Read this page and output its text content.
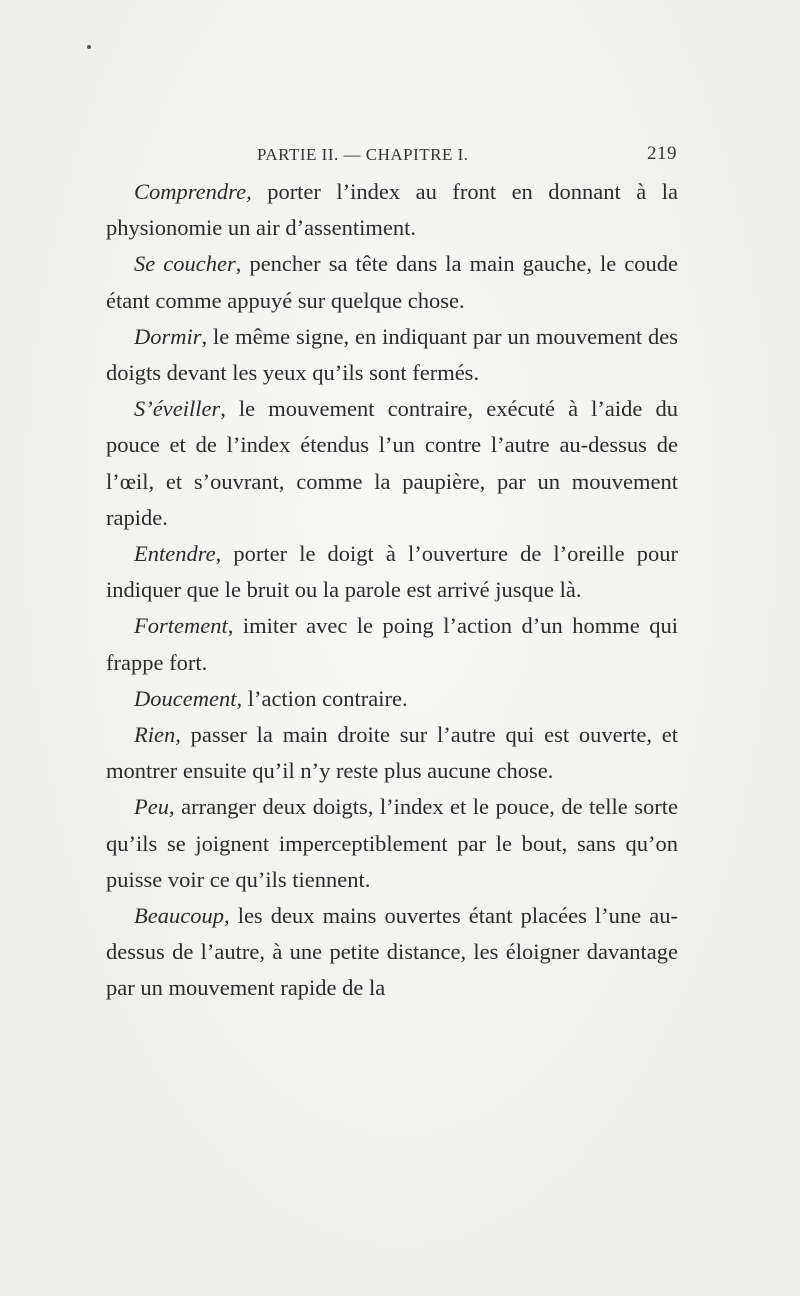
PARTIE II. — CHAPITRE I.	219

Comprendre, porter l’index au front en donnant à la physionomie un air d’assentiment.

Se coucher, pencher sa tête dans la main gauche, le coude étant comme appuyé sur quelque chose.

Dormir, le même signe, en indiquant par un mouvement des doigts devant les yeux qu’ils sont fermés.

S’éveiller, le mouvement contraire, exécuté à l’aide du pouce et de l’index étendus l’un contre l’autre au-dessus de l’œil, et s’ouvrant, comme la paupière, par un mouvement rapide.

Entendre, porter le doigt à l’ouverture de l’oreille pour indiquer que le bruit ou la parole est arrivé jusque là.

Fortement, imiter avec le poing l’action d’un homme qui frappe fort.

Doucement, l’action contraire.

Rien, passer la main droite sur l’autre qui est ouverte, et montrer ensuite qu’il n’y reste plus aucune chose.

Peu, arranger deux doigts, l’index et le pouce, de telle sorte qu’ils se joignent imperceptiblement par le bout, sans qu’on puisse voir ce qu’ils tiennent.

Beaucoup, les deux mains ouvertes étant placées l’une au-dessus de l’autre, à une petite distance, les éloigner davantage par un mouvement rapide de la
